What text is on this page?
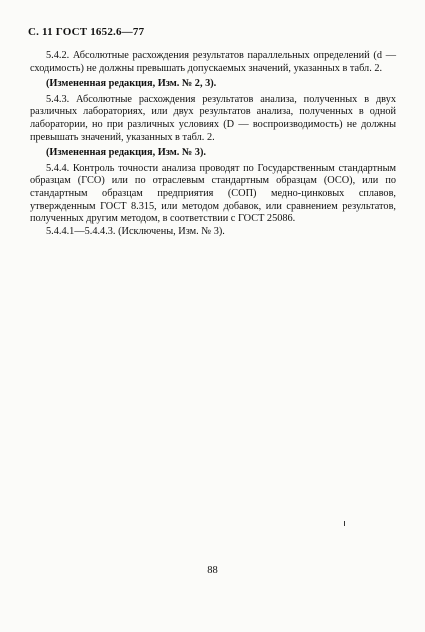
С. 11 ГОСТ 1652.6—77

5.4.2. Абсолютные расхождения результатов параллельных определений (d — сходимость) не должны превышать допускаемых значений, указанных в табл. 2.

(Измененная редакция, Изм. № 2, 3).

5.4.3. Абсолютные расхождения результатов анализа, полученных в двух различных лабораториях, или двух результатов анализа, полученных в одной лаборатории, но при различных условиях (D — воспроизводимость) не должны превышать значений, указанных в табл. 2.

(Измененная редакция, Изм. № 3).

5.4.4. Контроль точности анализа проводят по Государственным стандартным образцам (ГСО) или по отраслевым стандартным образцам (ОСО), или по стандартным образцам предприятия (СОП) медно-цинковых сплавов, утвержденным ГОСТ 8.315, или методом добавок, или сравнением результатов, полученных другим методом, в соответствии с ГОСТ 25086.

5.4.4.1—5.4.4.3. (Исключены, Изм. № 3).

88
